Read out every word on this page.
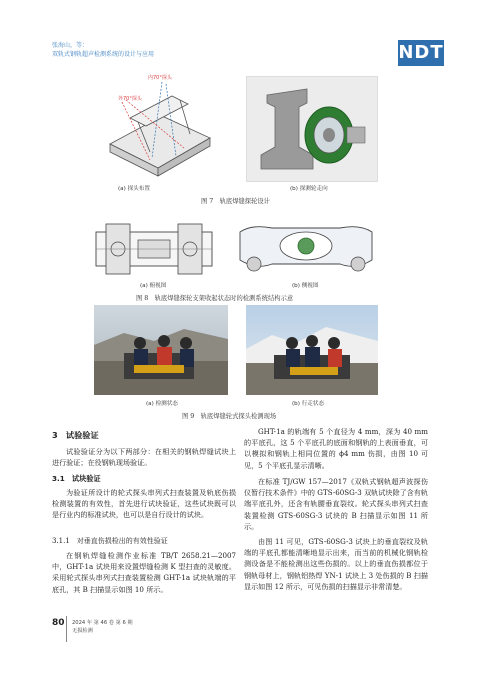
张海山，等：
双轨式钢轨超声检测系统的设计与应用	NDT
内70°探头
外70°探头
(a) 探头布置	(b) 探测轮走向
图 7　轨底焊缝探轮设计
(a) 俯视图	(b) 侧视图
图 8　轨底焊缝探轮支架收起状态时的检测系统结构示意
(a) 检测状态	(b) 行走状态
图 9　轨底焊缝轮式探头检测现场
3　试验验证
试验验证分为以下两部分：在相关的钢轨焊缝试块上进行验证；在役钢轨现场验证。
3.1　试块验证
为验证所设计的轮式探头串列式扫查装置及轨底伤损检测装置的有效性，首先进行试块验证，这些试块既可以是行业内的标准试块，也可以是自行设计的试块。
3.1.1　对垂直伤损检出的有效性验证
在钢轨焊缝检测作业标准 TB/T 2658.21—2007 中，GHT-1a 试块用来设置焊缝检测 K 型扫查的灵敏度。采用轮式探头串列式扫查装置检测 GHT-1a 试块轨端的平底孔，其 B 扫描显示如图 10 所示。
GHT-1a 的轨端有 5 个直径为 4 mm，深为 40 mm 的平底孔，这 5 个平底孔的底面和钢轨的上表面垂直，可以模拟和钢轨上相同位置的 ϕ4 mm 伤损，由图 10 可见，5 个平底孔显示清晰。
在标准 TJ/GW 157—2017《双轨式钢轨超声波探伤仪暂行技术条件》中的 GTS-60SG-3 双轨试块除了含有轨端平底孔外，还含有轨腰垂直裂纹。轮式探头串列式扫查装置检测 GTS-60SG-3 试块的 B 扫描显示如图 11 所示。
由图 11 可见，GTS-60SG-3 试块上的垂直裂纹及轨端的平底孔都能清晰地显示出来，而当前的机械化钢轨检测设备是不能检测出这些伤损的。以上的垂直伤损都位于钢轨母材上，钢轨铝热焊 YN-1 试块上 3 处伤损的 B 扫描显示如图 12 所示，可见伤损的扫描显示非常清楚。
80 2024 年 第 46 卷 第 6 期
无损检测
